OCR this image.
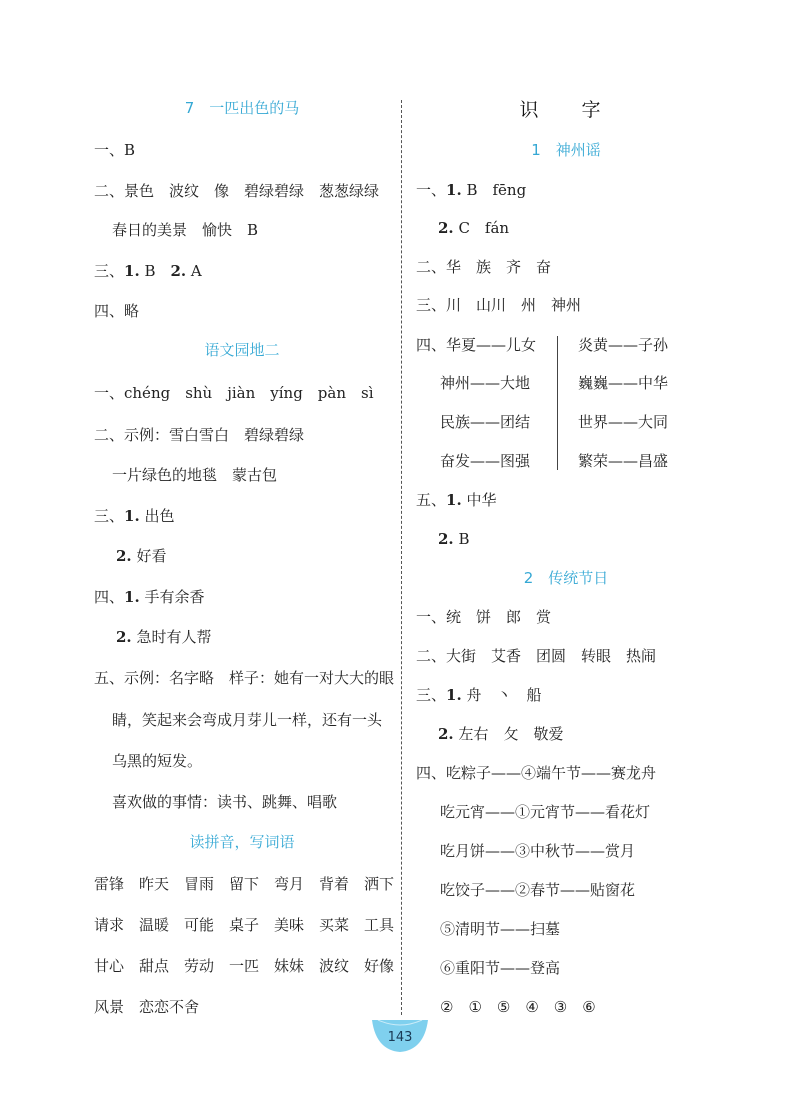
7　一匹出色的马
一、B
二、景色　波纹　像　碧绿碧绿　葱葱绿绿
春日的美景　愉快　B
三、1. B　2. A
四、略
语文园地二
一、chéng　shù　jiàn　yíng　pàn　sì
二、示例：雪白雪白　碧绿碧绿
一片绿色的地毯　蒙古包
三、1. 出色
2. 好看
四、1. 手有余香
2. 急时有人帮
五、示例：名字略　样子：她有一对大大的眼
睛，笑起来会弯成月芽儿一样，还有一头
乌黑的短发。
喜欢做的事情：读书、跳舞、唱歌
读拼音，写词语
雷锋　昨天　冒雨　留下　弯月　背着　洒下
请求　温暖　可能　桌子　美味　买菜　工具
甘心　甜点　劳动　一匹　妹妹　波纹　好像
风景　恋恋不舍
识　字
1　神州谣
一、1. B　fēng
2. C　fán
二、华　族　齐　奋
三、川　山川　州　神州
四、 华夏——儿女
神州——大地
民族——团结
奋发——图强
炎黄——子孙
巍巍——中华
世界——大同
繁荣——昌盛
五、1. 中华
2. B
2　传统节日
一、统　饼　郎　赏
二、大街　艾香　团圆　转眼　热闹
三、1. 舟　丶　船
2. 左右　攵　敬爱
四、 吃粽子——④端午节——赛龙舟
吃元宵——①元宵节——看花灯
吃月饼——③中秋节——赏月
吃饺子——②春节——贴窗花
⑤清明节——扫墓
⑥重阳节——登高
②　①　⑤　④　③　⑥
143
